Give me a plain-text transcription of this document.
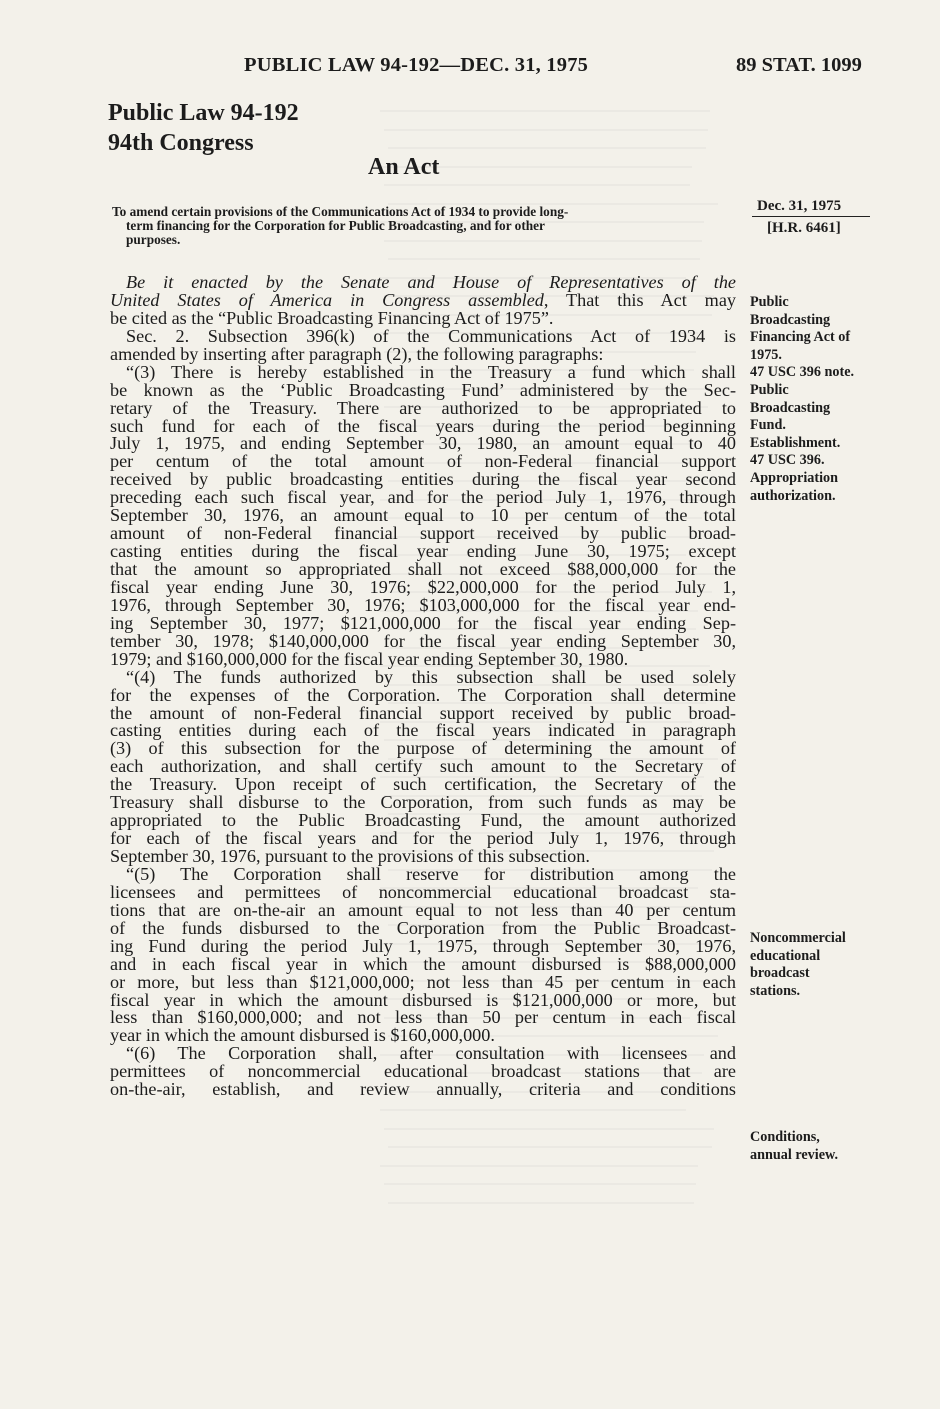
PUBLIC LAW 94-192—DEC. 31, 1975	89 STAT. 1099
Public Law 94-192
94th Congress
An Act
To amend certain provisions of the Communications Act of 1934 to provide long-
term financing for the Corporation for Public Broadcasting, and for other
purposes.
Dec. 31, 1975
[H.R. 6461]
Be it enacted by the Senate and House of Representatives of the
United States of America in Congress assembled, That this Act may
be cited as the “Public Broadcasting Financing Act of 1975”.
Sec. 2. Subsection 396(k) of the Communications Act of 1934 is
amended by inserting after paragraph (2), the following paragraphs:
“(3) There is hereby established in the Treasury a fund which shall
be known as the ‘Public Broadcasting Fund’ administered by the Sec-
retary of the Treasury. There are authorized to be appropriated to
such fund for each of the fiscal years during the period beginning
July 1, 1975, and ending September 30, 1980, an amount equal to 40
per centum of the total amount of non-Federal financial support
received by public broadcasting entities during the fiscal year second
preceding each such fiscal year, and for the period July 1, 1976, through
September 30, 1976, an amount equal to 10 per centum of the total
amount of non-Federal financial support received by public broad-
casting entities during the fiscal year ending June 30, 1975; except
that the amount so appropriated shall not exceed $88,000,000 for the
fiscal year ending June 30, 1976; $22,000,000 for the period July 1,
1976, through September 30, 1976; $103,000,000 for the fiscal year end-
ing September 30, 1977; $121,000,000 for the fiscal year ending Sep-
tember 30, 1978; $140,000,000 for the fiscal year ending September 30,
1979; and $160,000,000 for the fiscal year ending September 30, 1980.
“(4) The funds authorized by this subsection shall be used solely
for the expenses of the Corporation. The Corporation shall determine
the amount of non-Federal financial support received by public broad-
casting entities during each of the fiscal years indicated in paragraph
(3) of this subsection for the purpose of determining the amount of
each authorization, and shall certify such amount to the Secretary of
the Treasury. Upon receipt of such certification, the Secretary of the
Treasury shall disburse to the Corporation, from such funds as may be
appropriated to the Public Broadcasting Fund, the amount authorized
for each of the fiscal years and for the period July 1, 1976, through
September 30, 1976, pursuant to the provisions of this subsection.
“(5) The Corporation shall reserve for distribution among the
licensees and permittees of noncommercial educational broadcast sta-
tions that are on-the-air an amount equal to not less than 40 per centum
of the funds disbursed to the Corporation from the Public Broadcast-
ing Fund during the period July 1, 1975, through September 30, 1976,
and in each fiscal year in which the amount disbursed is $88,000,000
or more, but less than $121,000,000; not less than 45 per centum in each
fiscal year in which the amount disbursed is $121,000,000 or more, but
less than $160,000,000; and not less than 50 per centum in each fiscal
year in which the amount disbursed is $160,000,000.
“(6) The Corporation shall, after consultation with licensees and
permittees of noncommercial educational broadcast stations that are
on-the-air, establish, and review annually, criteria and conditions
Public
Broadcasting
Financing Act of
1975.
47 USC 396 note.
Public
Broadcasting
Fund.
Establishment.
47 USC 396.
Appropriation
authorization.
Noncommercial
educational
broadcast
stations.
Conditions,
annual review.
